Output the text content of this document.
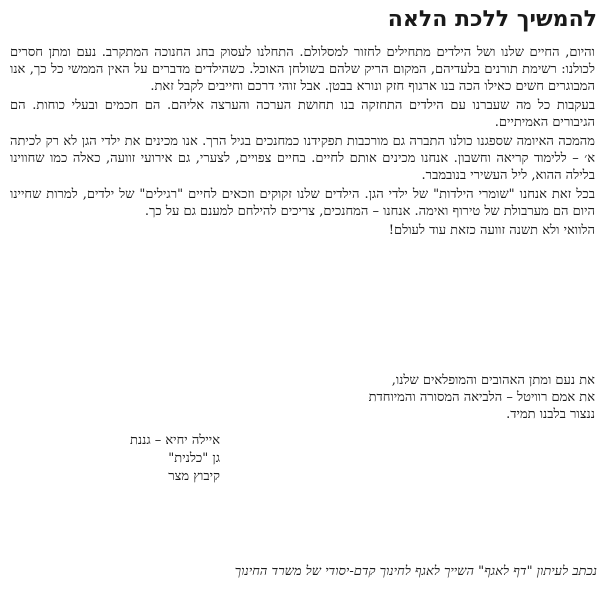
להמשיך ללכת הלאה

והיום, החיים שלנו ושל הילדים מתחילים לחזור למסלולם. התחלנו לעסוק בחג החנוכה המתקרב. נעם ומתן חסרים לכולנו: רשימת תורנים בלעדיהם, המקום הריק שלהם בשולחן האוכל. כשהילדים מדברים על האין הממשי כל כך, אנו המבוגרים חשים כאילו הכה בנו ארגוף חזק ונורא בבטן. אבל זוהי דרכם וחייבים לקבל זאת.

בעקבות כל מה שעברנו עם הילדים התחזקה בנו תחושת הערכה והערצה אליהם. הם חכמים ובעלי כוחות. הם הגיבורים האמיתיים.

מהמכה האיומה שספגנו כולנו התברה גם מורכבות תפקידנו כמחנכים בגיל הרך. אנו מכינים את ילדי הגן לא רק לכיתה א׳ – ללימוד קריאה וחשבון. אנחנו מכינים אותם לחיים. בחיים צפויים, לצערי, גם אירועי זוועה, כאלה כמו שחווינו בלילה ההוא, ליל העשירי בנובמבר.

בכל זאת אנחנו "שומרי הילדות" של ילדי הגן. הילדים שלנו זקוקים וזכאים לחיים "רגילים" של ילדים, למרות שחיינו היום הם מערבולת של טירוף ואימה. אנחנו – המחנכים, צריכים להילחם למענם גם על כך.

הלוואי ולא תשנה זוועה כזאת עוד לעולם!

את נעם ומתן האהובים והמופלאים שלנו,

את אמם רוויטל – הלביאה המסורה והמיוחדת

ננצור בלבנו תמיד.

איילה יחיא – גננת

גן "כלנית"

קיבוץ מצר

נכתב לעיתון "דף לאגף" השייך לאגף לחינוך קדם-יסודי של משרד החינוך
